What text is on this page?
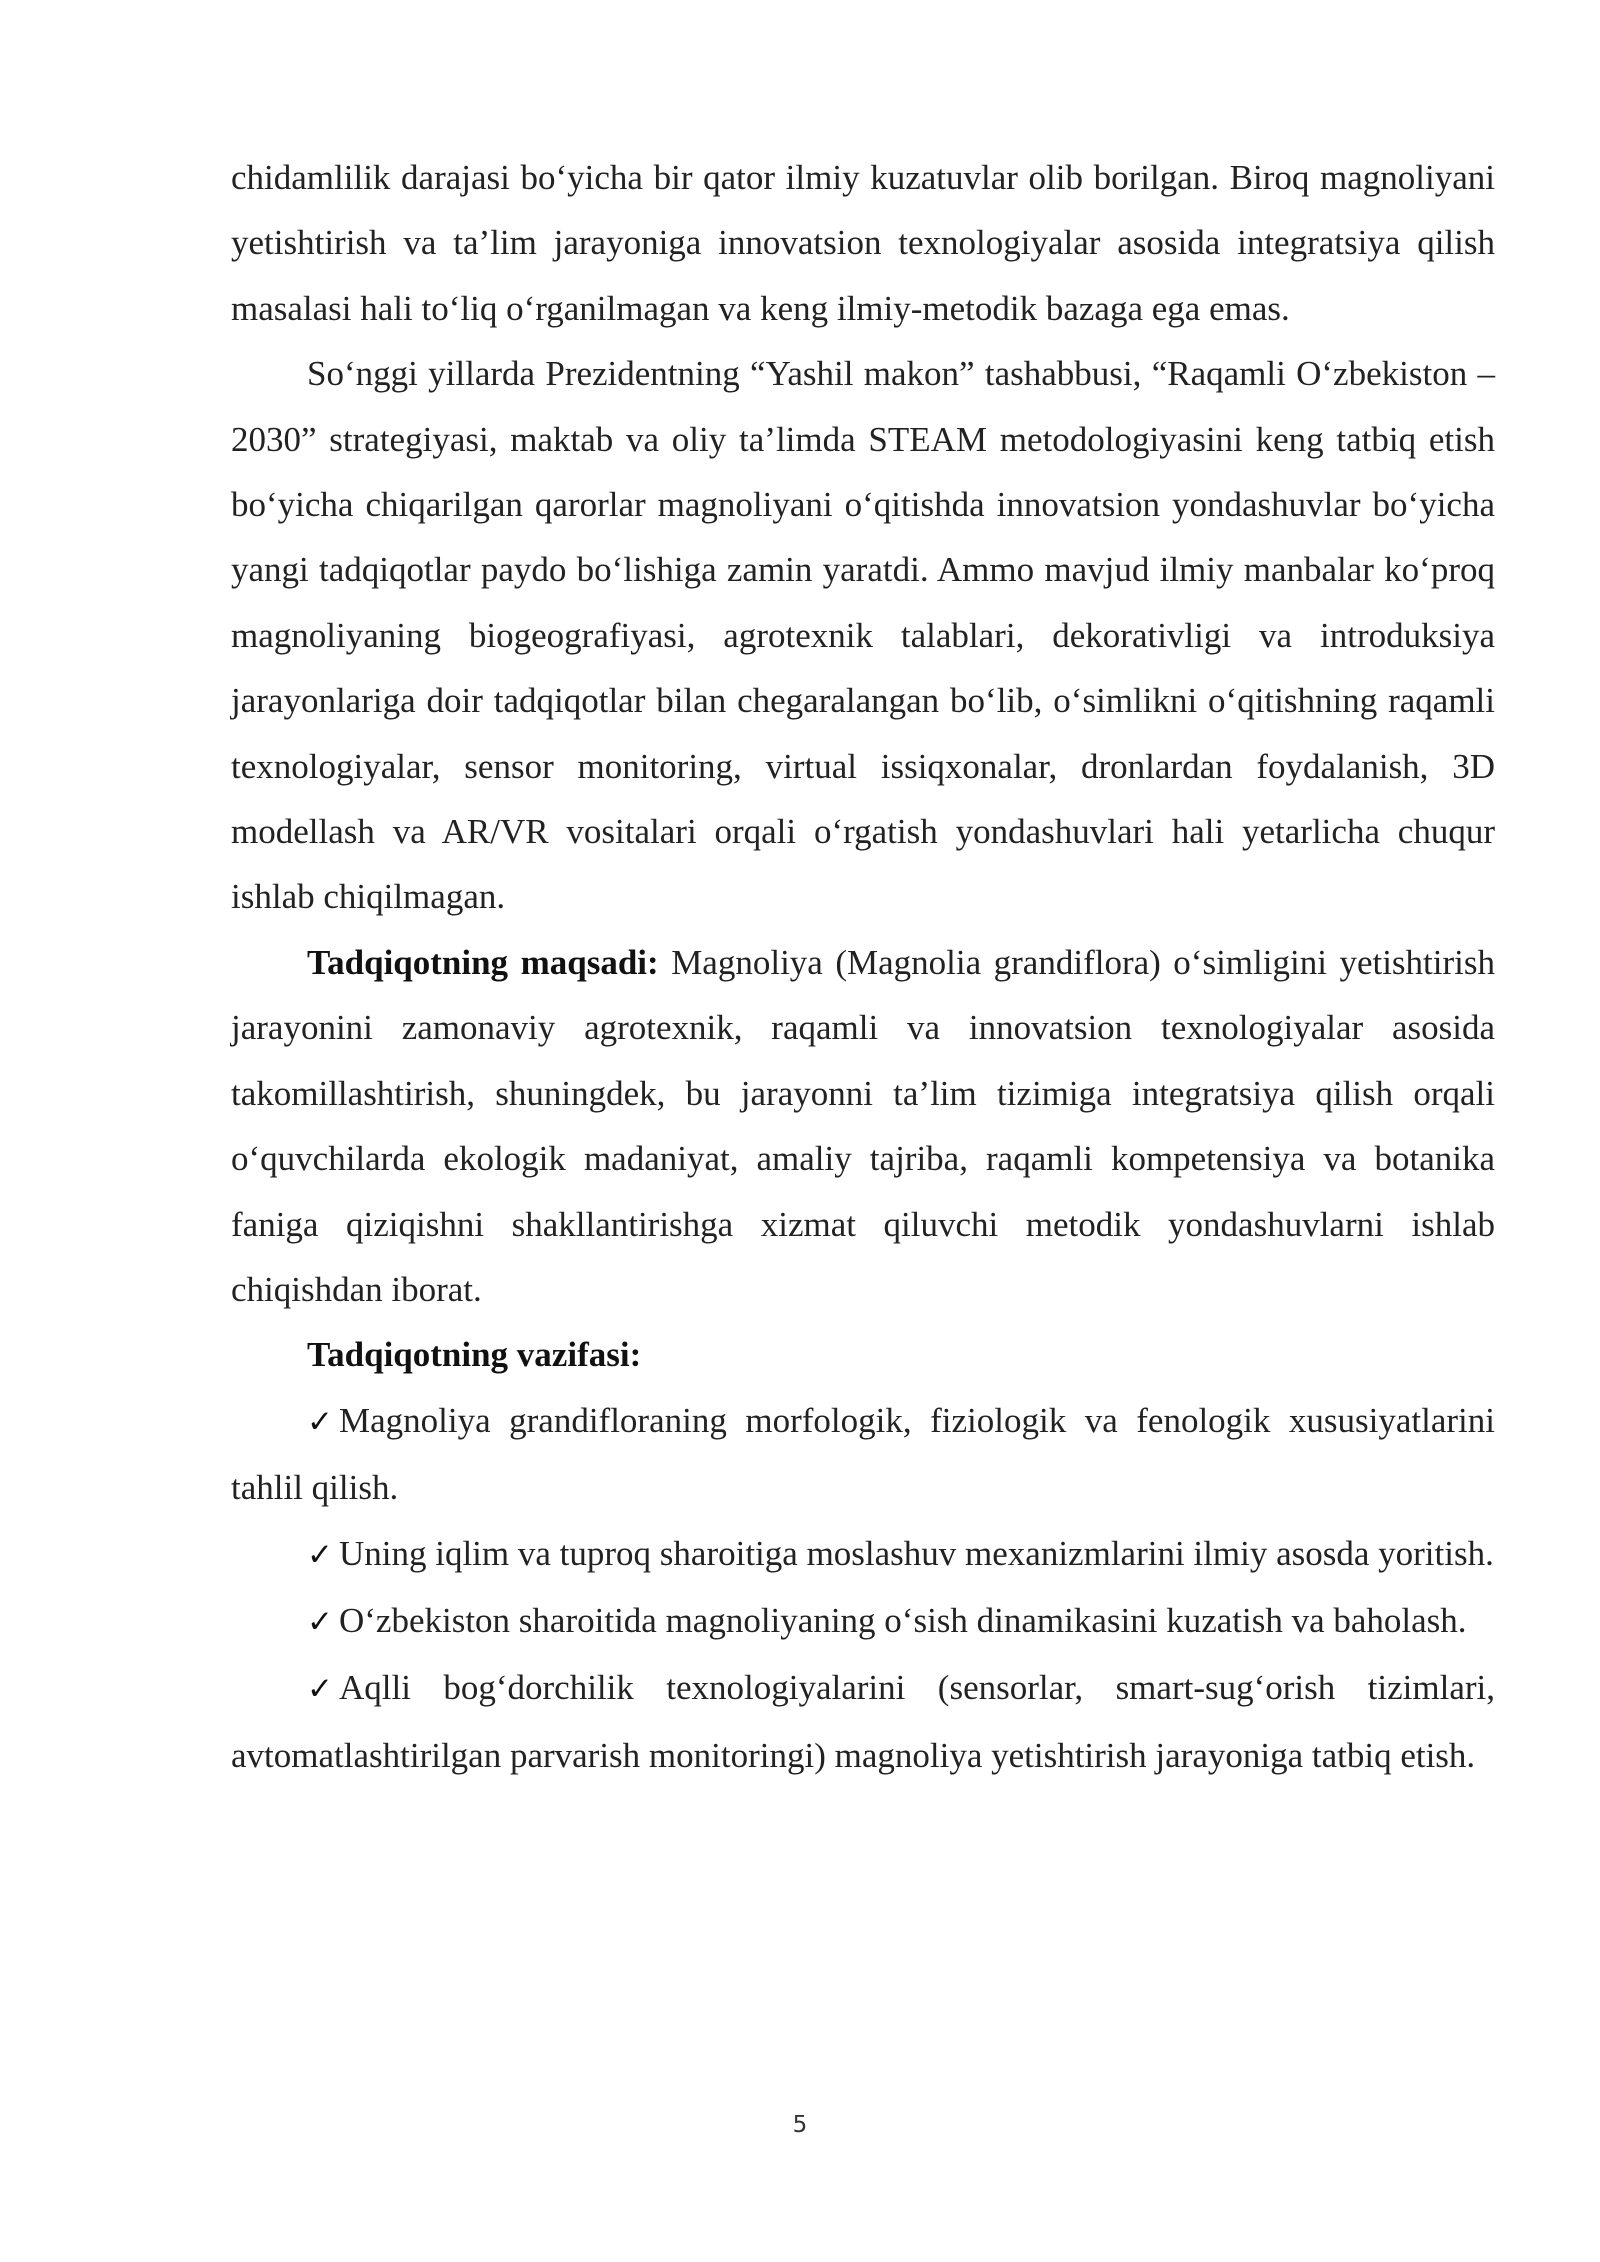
chidamlilik darajasi bo‘yicha bir qator ilmiy kuzatuvlar olib borilgan. Biroq magnoliyani yetishtirish va ta’lim jarayoniga innovatsion texnologiyalar asosida integratsiya qilish masalasi hali to‘liq o‘rganilmagan va keng ilmiy-metodik bazaga ega emas.

So‘nggi yillarda Prezidentning “Yashil makon” tashabbusi, “Raqamli O‘zbekiston – 2030” strategiyasi, maktab va oliy ta’limda STEAM metodologiyasini keng tatbiq etish bo‘yicha chiqarilgan qarorlar magnoliyani o‘qitishda innovatsion yondashuvlar bo‘yicha yangi tadqiqotlar paydo bo‘lishiga zamin yaratdi. Ammo mavjud ilmiy manbalar ko‘proq magnoliyaning biogeografiyasi, agrotexnik talablari, dekorativligi va introduksiya jarayonlariga doir tadqiqotlar bilan chegaralangan bo‘lib, o‘simlikni o‘qitishning raqamli texnologiyalar, sensor monitoring, virtual issiqxonalar, dronlardan foydalanish, 3D modellash va AR/VR vositalari orqali o‘rgatish yondashuvlari hali yetarlicha chuqur ishlab chiqilmagan.

Tadqiqotning maqsadi: Magnoliya (Magnolia grandiflora) o‘simligini yetishtirish jarayonini zamonaviy agrotexnik, raqamli va innovatsion texnologiyalar asosida takomillashtirish, shuningdek, bu jarayonni ta’lim tizimiga integratsiya qilish orqali o‘quvchilarda ekologik madaniyat, amaliy tajriba, raqamli kompetensiya va botanika faniga qiziqishni shakllantirishga xizmat qiluvchi metodik yondashuvlarni ishlab chiqishdan iborat.

Tadqiqotning vazifasi:

✓ Magnoliya grandifloraning morfologik, fiziologik va fenologik xususiyatlarini tahlil qilish.

✓ Uning iqlim va tuproq sharoitiga moslashuv mexanizmlarini ilmiy asosda yoritish.

✓ O‘zbekiston sharoitida magnoliyaning o‘sish dinamikasini kuzatish va baholash.

✓ Aqlli bog‘dorchilik texnologiyalarini (sensorlar, smart-sug‘orish tizimlari, avtomatlashtirilgan parvarish monitoringi) magnoliya yetishtirish jarayoniga tatbiq etish.

5
